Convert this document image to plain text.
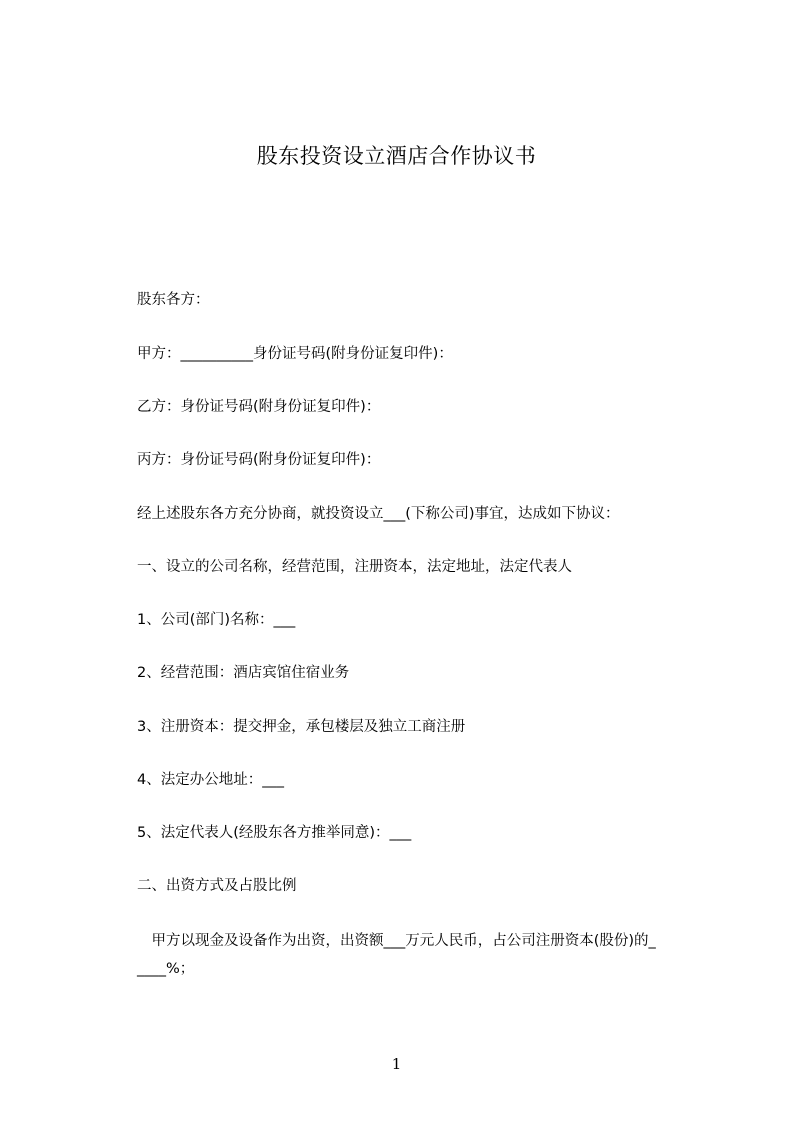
股东投资设立酒店合作协议书
股东各方：
甲方：__________身份证号码(附身份证复印件)：
乙方：身份证号码(附身份证复印件)：
丙方：身份证号码(附身份证复印件)：
经上述股东各方充分协商，就投资设立___(下称公司)事宜，达成如下协议：
一、设立的公司名称，经营范围，注册资本，法定地址，法定代表人
1、公司(部门)名称：___
2、经营范围：酒店宾馆住宿业务
3、注册资本：提交押金，承包楼层及独立工商注册
4、法定办公地址：___
5、法定代表人(经股东各方推举同意)：___
二、出资方式及占股比例
　甲方以现金及设备作为出资，出资额___万元人民币，占公司注册资本(股份)的_
____%；
1
